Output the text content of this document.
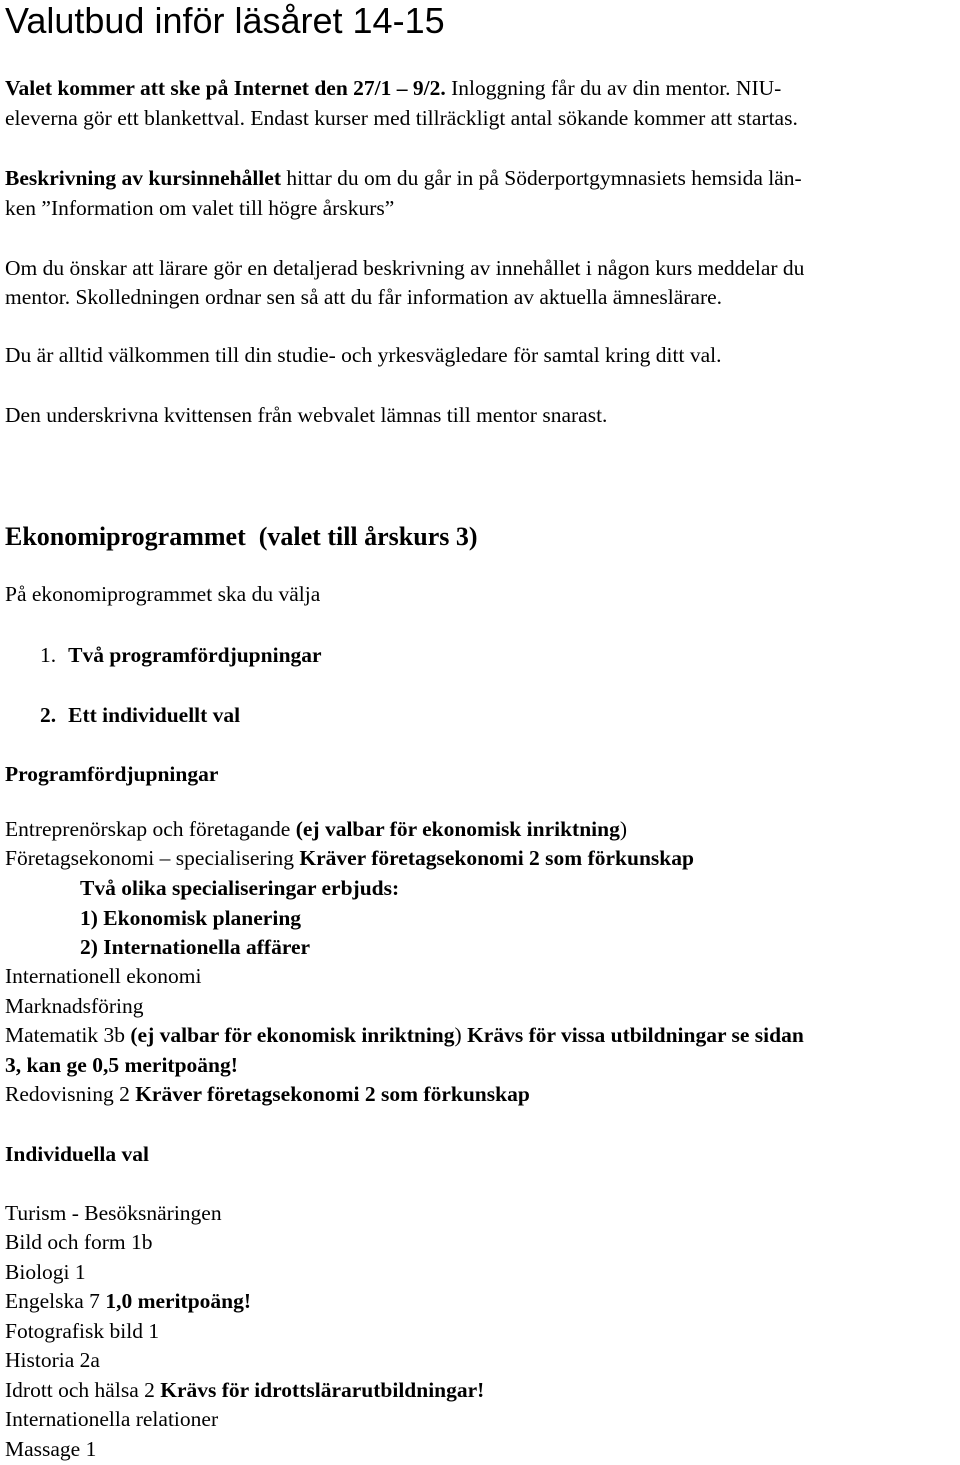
Valutbud inför läsåret 14-15

Valet kommer att ske på Internet den 27/1 – 9/2. Inloggning får du av din mentor. NIU-

eleverna gör ett blankettval. Endast kurser med tillräckligt antal sökande kommer att startas.

Beskrivning av kursinnehållet hittar du om du går in på Söderportgymnasiets hemsida län-

ken ”Information om valet till högre årskurs”

Om du önskar att lärare gör en detaljerad beskrivning av innehållet i någon kurs meddelar du

mentor. Skolledningen ordnar sen så att du får information av aktuella ämneslärare.

Du är alltid välkommen till din studie- och yrkesvägledare för samtal kring ditt val.

Den underskrivna kvittensen från webvalet lämnas till mentor snarast.

Ekonomiprogrammet (valet till årskurs 3)

På ekonomiprogrammet ska du välja

1. Två programfördjupningar

2. Ett individuellt val

Programfördjupningar

Entreprenörskap och företagande (ej valbar för ekonomisk inriktning)

Företagsekonomi – specialisering Kräver företagsekonomi 2 som förkunskap

Två olika specialiseringar erbjuds:

1) Ekonomisk planering

2) Internationella affärer

Internationell ekonomi

Marknadsföring

Matematik 3b (ej valbar för ekonomisk inriktning) Krävs för vissa utbildningar se sidan

3, kan ge 0,5 meritpoäng!

Redovisning 2 Kräver företagsekonomi 2 som förkunskap

Individuella val

Turism - Besöksnäringen

Bild och form 1b

Biologi 1

Engelska 7 1,0 meritpoäng!

Fotografisk bild 1

Historia 2a

Idrott och hälsa 2 Krävs för idrottslärarutbildningar!

Internationella relationer

Massage 1
